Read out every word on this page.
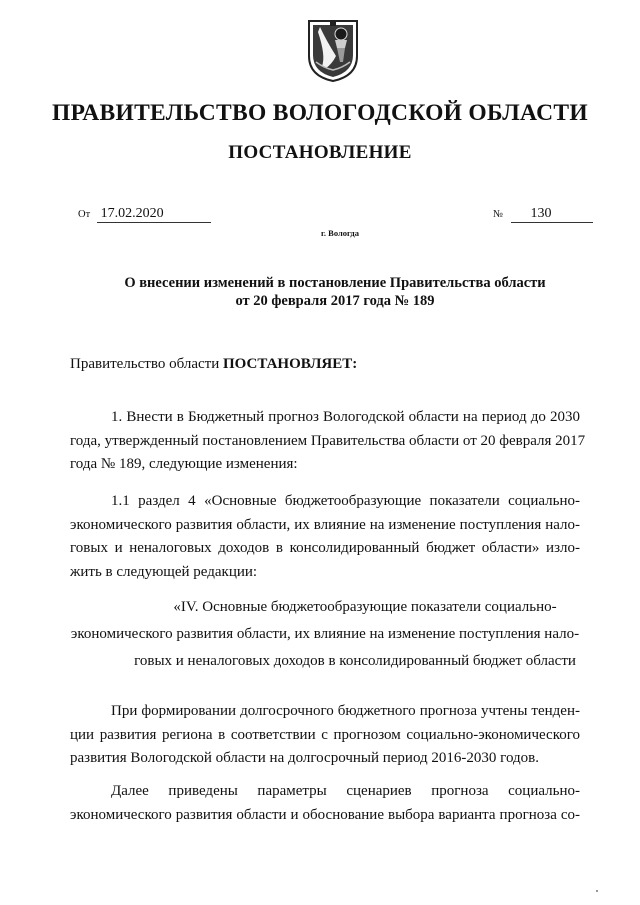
ПРАВИТЕЛЬСТВО ВОЛОГОДСКОЙ ОБЛАСТИ
ПОСТАНОВЛЕНИЕ
От 17.02.2020	№ 130
г. Вологда
О внесении изменений в постановление Правительства области
от 20 февраля 2017 года № 189
Правительство области ПОСТАНОВЛЯЕТ:
1. Внести в Бюджетный прогноз Вологодской области на период до 2030
года, утвержденный постановлением Правительства области от 20 февраля 2017
года № 189, следующие изменения:
1.1 раздел 4 «Основные бюджетообразующие показатели социально-
экономического развития области, их влияние на изменение поступления нало-
говых и неналоговых доходов в консолидированный бюджет области» изло-
жить в следующей редакции:
«IV. Основные бюджетообразующие показатели социально-
экономического развития области, их влияние на изменение поступления нало-
говых и неналоговых доходов в консолидированный бюджет области
При формировании долгосрочного бюджетного прогноза учтены тенден-
ции развития региона в соответствии с прогнозом социально-экономического
развития Вологодской области на долгосрочный период 2016-2030 годов.
Далее приведены параметры сценариев прогноза социально-
экономического развития области и обоснование выбора варианта прогноза со-
